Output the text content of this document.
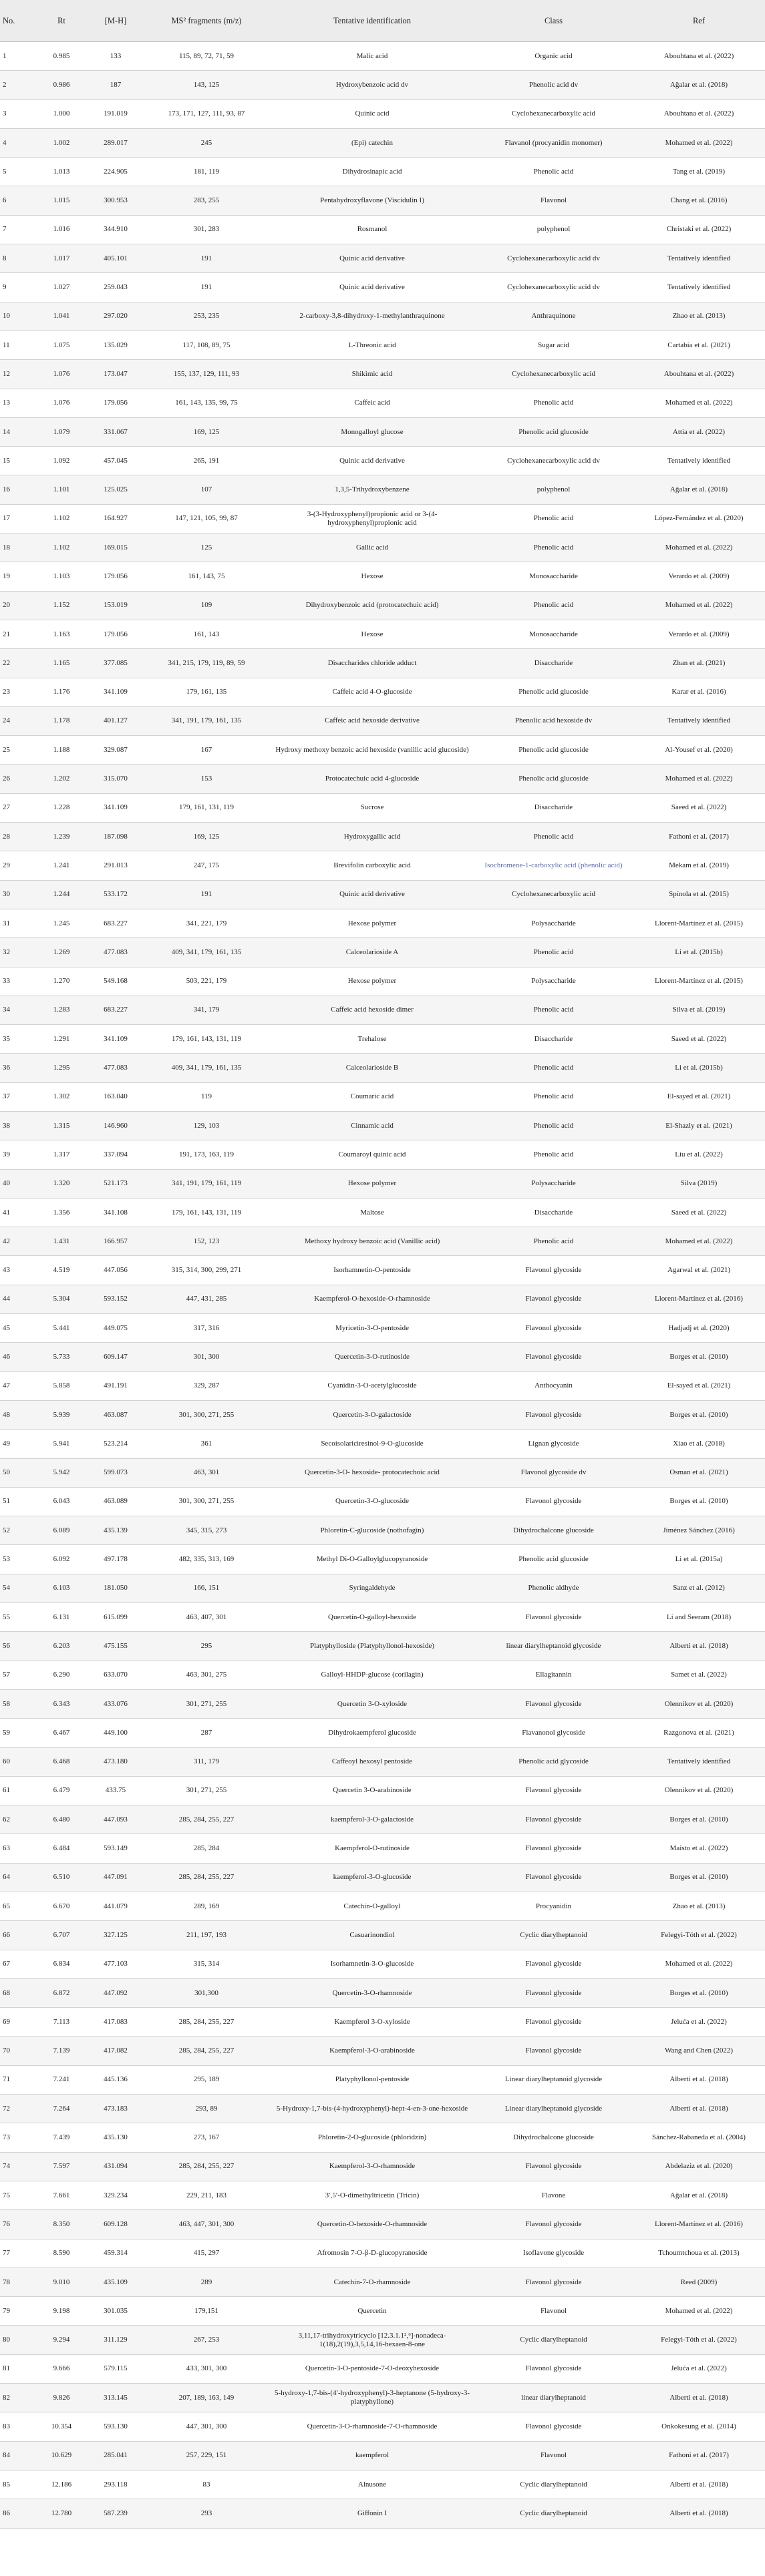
No.	Rt	[M-H]	MS² fragments (m/z)	Tentative identification	Class	Ref
1	0.985	133	115, 89, 72, 71, 59	Malic acid	Organic acid	Abouhtana et al. (2022)
2	0.986	187	143, 125	Hydroxybenzoic acid dv	Phenolic acid dv	Ağalar et al. (2018)
3	1.000	191.019	173, 171, 127, 111, 93, 87	Quinic acid	Cyclohexanecarboxylic acid	Abouhtana et al. (2022)
4	1.002	289.017	245	(Epi) catechin	Flavanol (procyanidin monomer)	Mohamed et al. (2022)
5	1.013	224.905	181, 119	Dihydrosinapic acid	Phenolic acid	Tang et al. (2019)
6	1.015	300.953	283, 255	Pentahydroxyflavone (Viscidulin I)	Flavonol	Chang et al. (2016)
7	1.016	344.910	301, 283	Rosmanol	polyphenol	Christaki et al. (2022)
8	1.017	405.101	191	Quinic acid derivative	Cyclohexanecarboxylic acid dv	Tentatively identified
9	1.027	259.043	191	Quinic acid derivative	Cyclohexanecarboxylic acid dv	Tentatively identified
10	1.041	297.020	253, 235	2-carboxy-3,8-dihydroxy-1-methylanthraquinone	Anthraquinone	Zhao et al. (2013)
11	1.075	135.029	117, 108, 89, 75	L-Threonic acid	Sugar acid	Cartabia et al. (2021)
12	1.076	173.047	155, 137, 129, 111, 93	Shikimic acid	Cyclohexanecarboxylic acid	Abouhtana et al. (2022)
13	1.076	179.056	161, 143, 135, 99, 75	Caffeic acid	Phenolic acid	Mohamed et al. (2022)
14	1.079	331.067	169, 125	Monogalloyl glucose	Phenolic acid glucoside	Attia et al. (2022)
15	1.092	457.045	265, 191	Quinic acid derivative	Cyclohexanecarboxylic acid dv	Tentatively identified
16	1.101	125.025	107	1,3,5-Trihydroxybenzene	polyphenol	Ağalar et al. (2018)
17	1.102	164.927	147, 121, 105, 99, 87	3-(3-Hydroxyphenyl)propionic acid or 3-(4-hydroxyphenyl)propionic acid	Phenolic acid	López-Fernández et al. (2020)
18	1.102	169.015	125	Gallic acid	Phenolic acid	Mohamed et al. (2022)
19	1.103	179.056	161, 143, 75	Hexose	Monosaccharide	Verardo et al. (2009)
20	1.152	153.019	109	Dihydroxybenzoic acid (protocatechuic acid)	Phenolic acid	Mohamed et al. (2022)
21	1.163	179.056	161, 143	Hexose	Monosaccharide	Verardo et al. (2009)
22	1.165	377.085	341, 215, 179, 119, 89, 59	Disaccharides chloride adduct	Disaccharide	Zhan et al. (2021)
23	1.176	341.109	179, 161, 135	Caffeic acid 4-O-glucoside	Phenolic acid glucoside	Karar et al. (2016)
24	1.178	401.127	341, 191, 179, 161, 135	Caffeic acid hexoside derivative	Phenolic acid hexoside dv	Tentatively identified
25	1.188	329.087	167	Hydroxy methoxy benzoic acid hexoside (vanillic acid glucoside)	Phenolic acid glucoside	Al-Yousef et al. (2020)
26	1.202	315.070	153	Protocatechuic acid 4-glucoside	Phenolic acid glucoside	Mohamed et al. (2022)
27	1.228	341.109	179, 161, 131, 119	Sucrose	Disaccharide	Saeed et al. (2022)
28	1.239	187.098	169, 125	Hydroxygallic acid	Phenolic acid	Fathoni et al. (2017)
29	1.241	291.013	247, 175	Brevifolin carboxylic acid	Isochromene-1-carboxylic acid (phenolic acid)	Mekam et al. (2019)
30	1.244	533.172	191	Quinic acid derivative	Cyclohexanecarboxylic acid	Spínola et al. (2015)
31	1.245	683.227	341, 221, 179	Hexose polymer	Polysaccharide	Llorent-Martínez et al. (2015)
32	1.269	477.083	409, 341, 179, 161, 135	Calceolarioside A	Phenolic acid	Li et al. (2015b)
33	1.270	549.168	503, 221, 179	Hexose polymer	Polysaccharide	Llorent-Martínez et al. (2015)
34	1.283	683.227	341, 179	Caffeic acid hexoside dimer	Phenolic acid	Silva et al. (2019)
35	1.291	341.109	179, 161, 143, 131, 119	Trehalose	Disaccharide	Saeed et al. (2022)
36	1.295	477.083	409, 341, 179, 161, 135	Calceolarioside B	Phenolic acid	Li et al. (2015b)
37	1.302	163.040	119	Coumaric acid	Phenolic acid	El-sayed et al. (2021)
38	1.315	146.960	129, 103	Cinnamic acid	Phenolic acid	El-Shazly et al. (2021)
39	1.317	337.094	191, 173, 163, 119	Coumaroyl quinic acid	Phenolic acid	Liu et al. (2022)
40	1.320	521.173	341, 191, 179, 161, 119	Hexose polymer	Polysaccharide	Silva (2019)
41	1.356	341.108	179, 161, 143, 131, 119	Maltose	Disaccharide	Saeed et al. (2022)
42	1.431	166.957	152, 123	Methoxy hydroxy benzoic acid (Vanillic acid)	Phenolic acid	Mohamed et al. (2022)
43	4.519	447.056	315, 314, 300, 299, 271	Isorhamnetin-O-pentoside	Flavonol glycoside	Agarwal et al. (2021)
44	5.304	593.152	447, 431, 285	Kaempferol-O-hexoside-O-rhamnoside	Flavonol glycoside	Llorent-Martínez et al. (2016)
45	5.441	449.075	317, 316	Myricetin-3-O-pentoside	Flavonol glycoside	Hadjadj et al. (2020)
46	5.733	609.147	301, 300	Quercetin-3-O-rutinoside	Flavonol glycoside	Borges et al. (2010)
47	5.858	491.191	329, 287	Cyanidin-3-O-acetylglucoside	Anthocyanin	El-sayed et al. (2021)
48	5.939	463.087	301, 300, 271, 255	Quercetin-3-O-galactoside	Flavonol glycoside	Borges et al. (2010)
49	5.941	523.214	361	Secoisolariciresinol-9-O-glucoside	Lignan glycoside	Xiao et al. (2018)
50	5.942	599.073	463, 301	Quercetin-3-O- hexoside- protocatechoic acid	Flavonol glycoside dv	Osman et al. (2021)
51	6.043	463.089	301, 300, 271, 255	Quercetin-3-O-glucoside	Flavonol glycoside	Borges et al. (2010)
52	6.089	435.139	345, 315, 273	Phloretin-C-glucoside (nothofagin)	Dihydrochalcone glucoside	Jiménez Sánchez (2016)
53	6.092	497.178	482, 335, 313, 169	Methyl Di-O-Galloylglucopyranoside	Phenolic acid glucoside	Li et al. (2015a)
54	6.103	181.050	166, 151	Syringaldehyde	Phenolic aldhyde	Sanz et al. (2012)
55	6.131	615.099	463, 407, 301	Quercetin-O-galloyl-hexoside	Flavonol glycoside	Li and Seeram (2018)
56	6.203	475.155	295	Platyphylloside (Platyphyllonol-hexoside)	linear diarylheptanoid glycoside	Alberti et al. (2018)
57	6.290	633.070	463, 301, 275	Galloyl-HHDP-glucose (corilagin)	Ellagitannin	Samet et al. (2022)
58	6.343	433.076	301, 271, 255	Quercetin 3-O-xyloside	Flavonol glycoside	Olennikov et al. (2020)
59	6.467	449.100	287	Dihydrokaempferol glucoside	Flavanonol glycoside	Razgonova et al. (2021)
60	6.468	473.180	311, 179	Caffeoyl hexosyl pentoside	Phenolic acid glycoside	Tentatively identified
61	6.479	433.75	301, 271, 255	Quercetin 3-O-arabinoside	Flavonol glycoside	Olennikov et al. (2020)
62	6.480	447.093	285, 284, 255, 227	kaempferol-3-O-galactoside	Flavonol glycoside	Borges et al. (2010)
63	6.484	593.149	285, 284	Kaempferol-O-rutinoside	Flavonol glycoside	Maisto et al. (2022)
64	6.510	447.091	285, 284, 255, 227	kaempferol-3-O-glucoside	Flavonol glycoside	Borges et al. (2010)
65	6.670	441.079	289, 169	Catechin-O-galloyl	Procyanidin	Zhao et al. (2013)
66	6.707	327.125	211, 197, 193	Casuarinondiol	Cyclic diarylheptanoid	Felegyi-Tóth et al. (2022)
67	6.834	477.103	315, 314	Isorhamnetin-3-O-glucoside	Flavonol glycoside	Mohamed et al. (2022)
68	6.872	447.092	301,300	Quercetin-3-O-rhamnoside	Flavonol glycoside	Borges et al. (2010)
69	7.113	417.083	285, 284, 255, 227	Kaempferol 3-O-xyloside	Flavonol glycoside	Jeluća et al. (2022)
70	7.139	417.082	285, 284, 255, 227	Kaempferol-3-O-arabinoside	Flavonol glycoside	Wang and Chen (2022)
71	7.241	445.136	295, 189	Platyphyllonol-pentoside	Linear diarylheptanoid glycoside	Alberti et al. (2018)
72	7.264	473.183	293, 89	5-Hydroxy-1,7-bis-(4-hydroxyphenyl)-hept-4-en-3-one-hexoside	Linear diarylheptanoid glycoside	Alberti et al. (2018)
73	7.439	435.130	273, 167	Phloretin-2-O-glucoside (phloridzin)	Dihydrochalcone glucoside	Sánchez-Rabaneda et al. (2004)
74	7.597	431.094	285, 284, 255, 227	Kaempferol-3-O-rhamnoside	Flavonol glycoside	Abdelaziz et al. (2020)
75	7.661	329.234	229, 211, 183	3′,5′-O-dimethyltricetin (Tricin)	Flavone	Ağalar et al. (2018)
76	8.350	609.128	463, 447, 301, 300	Quercetin-O-hexoside-O-rhamnoside	Flavonol glycoside	Llorent-Martínez et al. (2016)
77	8.590	459.314	415, 297	Afromosin 7-O-β-D-glucopyranoside	Isoflavone glycoside	Tchoumtchoua et al. (2013)
78	9.010	435.109	289	Catechin-7-O-rhamnoside	Flavonol glycoside	Reed (2009)
79	9.198	301.035	179,151	Quercetin	Flavonol	Mohamed et al. (2022)
80	9.294	311.129	267, 253	3,11,17-trihydroxytricyclo [12.3.1.1²,⁶]-nonadeca-1(18),2(19),3,5,14,16-hexaen-8-one	Cyclic diarylheptanoid	Felegyi-Tóth et al. (2022)
81	9.666	579.115	433, 301, 300	Quercetin-3-O-pentoside-7-O-deoxyhexoside	Flavonol glycoside	Jeluća et al. (2022)
82	9.826	313.145	207, 189, 163, 149	5-hydroxy-1,7-bis-(4′-hydroxyphenyl)-3-heptanone (5-hydroxy-3-platyphyllone)	linear diarylheptanoid	Alberti et al. (2018)
83	10.354	593.130	447, 301, 300	Quercetin-3-O-rhamnoside-7-O-rhamnoside	Flavonol glycoside	Onkokesung et al. (2014)
84	10.629	285.041	257, 229, 151	kaempferol	Flavonol	Fathoni et al. (2017)
85	12.186	293.118	83	Alnusone	Cyclic diarylheptanoid	Alberti et al. (2018)
86	12.780	587.239	293	Giffonin I	Cyclic diarylheptanoid	Alberti et al. (2018)
